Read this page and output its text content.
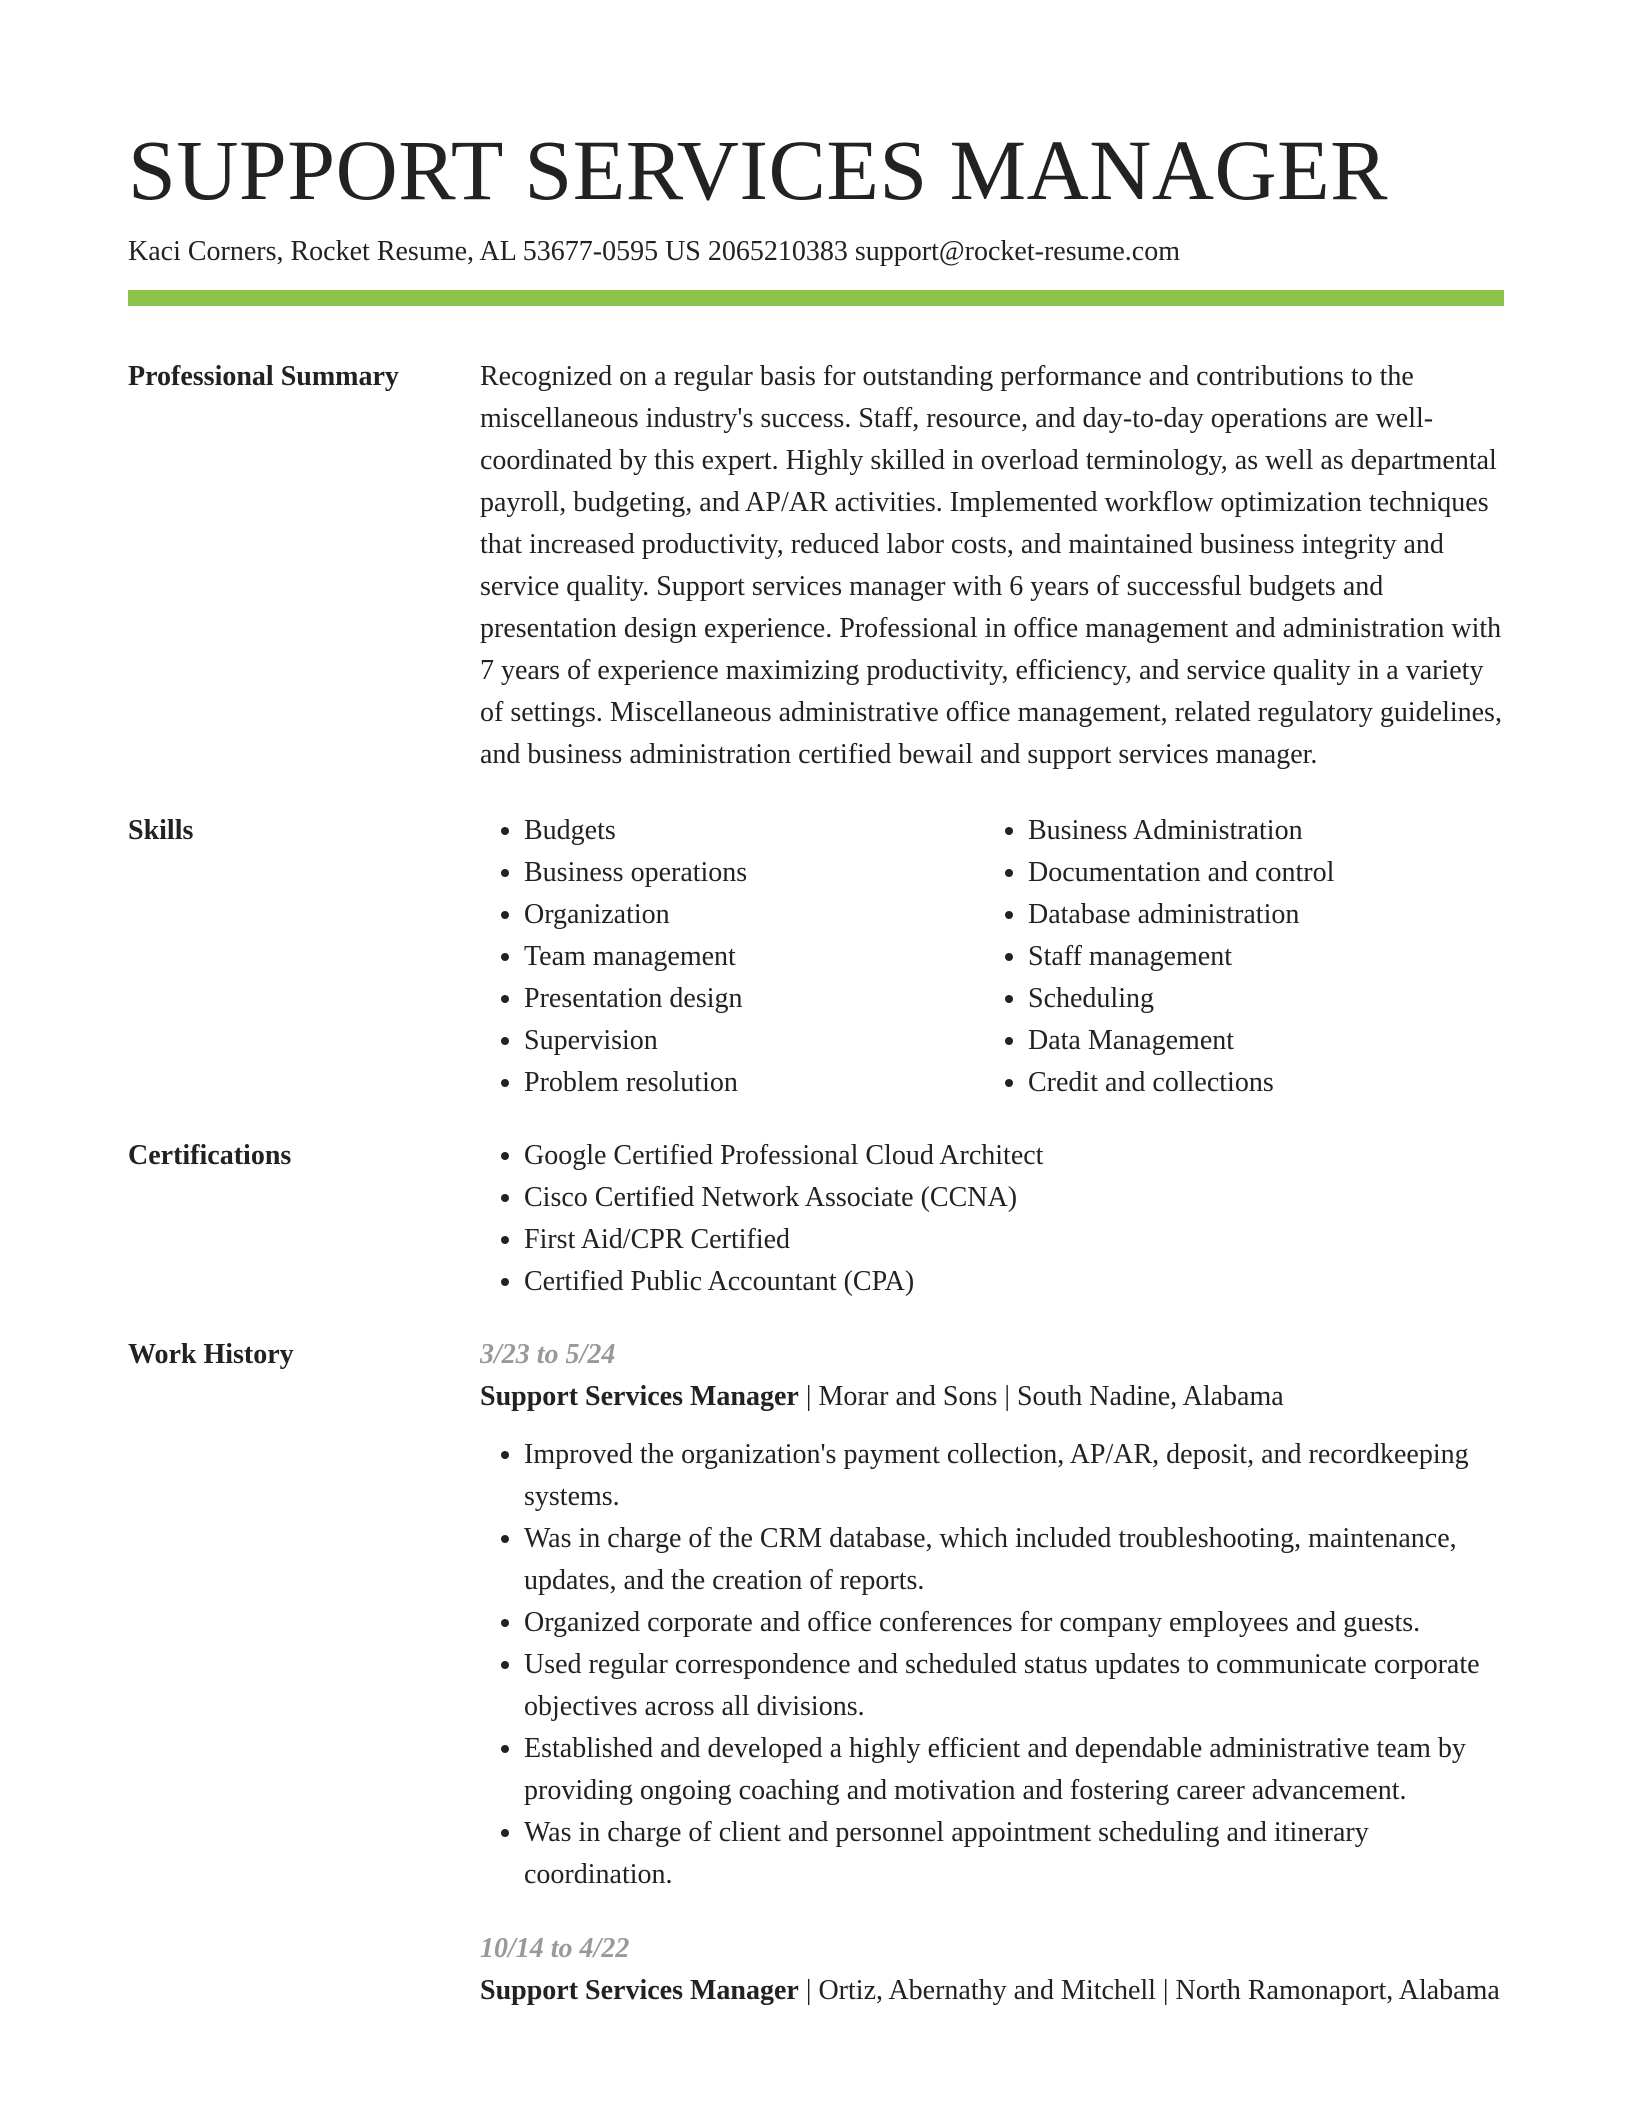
SUPPORT SERVICES MANAGER
Kaci Corners, Rocket Resume, AL 53677-0595 US 2065210383 support@rocket-resume.com
Professional Summary	Recognized on a regular basis for outstanding performance and contributions to the miscellaneous industry's success. Staff, resource, and day-to-day operations are well-coordinated by this expert. Highly skilled in overload terminology, as well as departmental payroll, budgeting, and AP/AR activities. Implemented workflow optimization techniques that increased productivity, reduced labor costs, and maintained business integrity and service quality. Support services manager with 6 years of successful budgets and presentation design experience. Professional in office management and administration with 7 years of experience maximizing productivity, efficiency, and service quality in a variety of settings. Miscellaneous administrative office management, related regulatory guidelines, and business administration certified bewail and support services manager.
Skills	• Budgets
• Business operations
• Organization
• Team management
• Presentation design
• Supervision
• Problem resolution
• Business Administration
• Documentation and control
• Database administration
• Staff management
• Scheduling
• Data Management
• Credit and collections
Certifications	• Google Certified Professional Cloud Architect
• Cisco Certified Network Associate (CCNA)
• First Aid/CPR Certified
• Certified Public Accountant (CPA)
Work History	3/23 to 5/24
Support Services Manager | Morar and Sons | South Nadine, Alabama
• Improved the organization's payment collection, AP/AR, deposit, and recordkeeping systems.
• Was in charge of the CRM database, which included troubleshooting, maintenance, updates, and the creation of reports.
• Organized corporate and office conferences for company employees and guests.
• Used regular correspondence and scheduled status updates to communicate corporate objectives across all divisions.
• Established and developed a highly efficient and dependable administrative team by providing ongoing coaching and motivation and fostering career advancement.
• Was in charge of client and personnel appointment scheduling and itinerary coordination.
10/14 to 4/22
Support Services Manager | Ortiz, Abernathy and Mitchell | North Ramonaport, Alabama
